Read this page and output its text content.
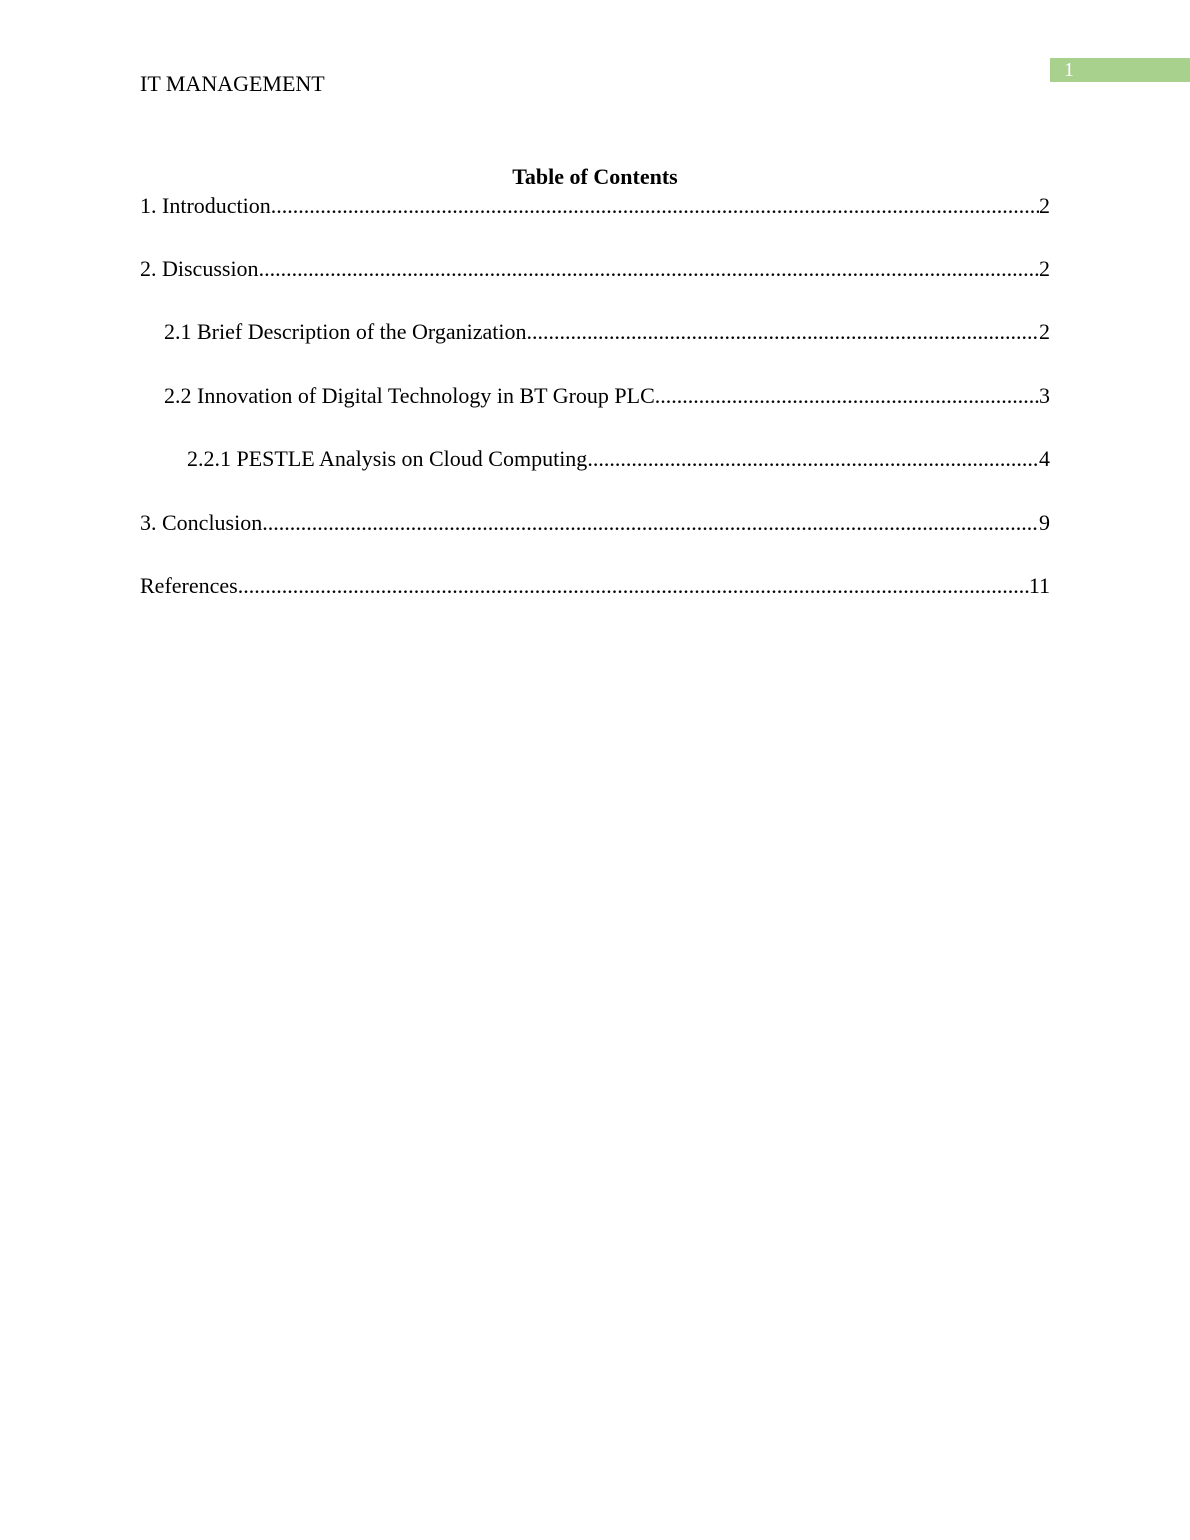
IT MANAGEMENT
1
Table of Contents
1. Introduction .....	2
2. Discussion .....	2
2.1 Brief Description of the Organization .....	2
2.2 Innovation of Digital Technology in BT Group PLC .....	3
2.2.1 PESTLE Analysis on Cloud Computing .....	4
3. Conclusion .....	9
References .....	11
